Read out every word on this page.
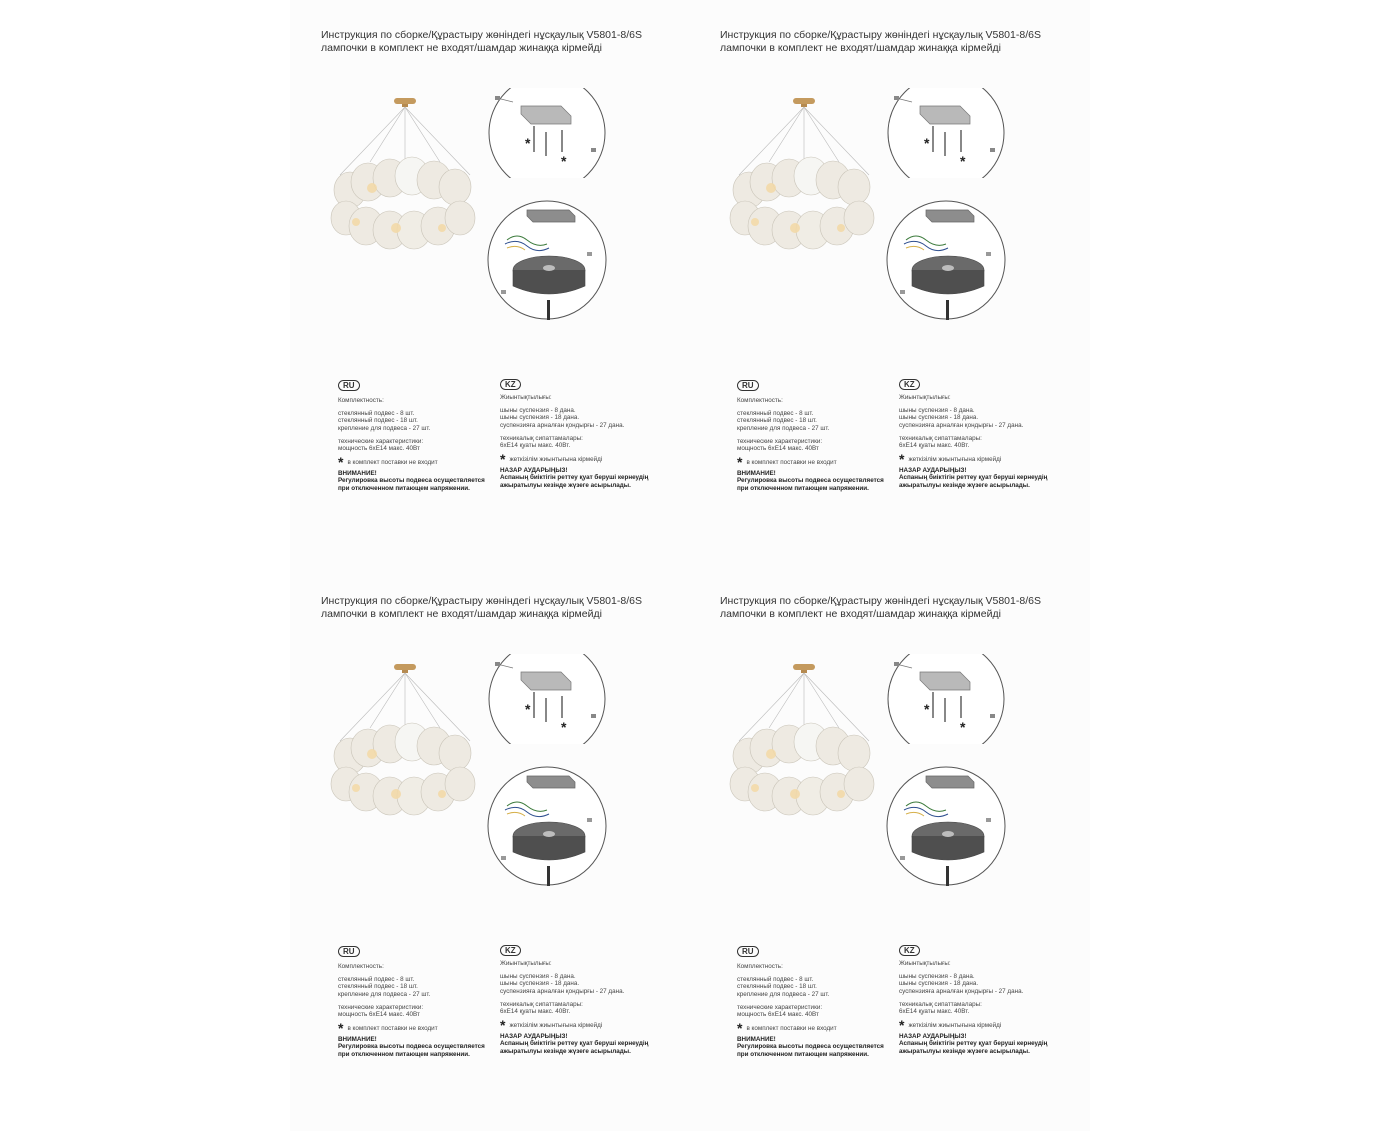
Инструкция по сборке/Құрастыру жөніндегі нұсқаулық V5801-8/6S
лампочки в комплект не входят/шамдар жинаққа кірмейді
*
*
RU
Комплектность:
стеклянный подвес - 8 шт.
стеклянный подвес - 18 шт.
крепление для подвеса - 27 шт.
технические характеристики:
мощность 6хЕ14 макс. 40Вт
* в комплект поставки не входит
ВНИМАНИЕ!
Регулировка высоты подвеса осуществляется
при отключенном питающем напряжении.
KZ
Жиынтықтылығы:
шыны суспензия - 8 дана.
шыны суспензия - 18 дана.
суспензияға арналған қондырғы - 27 дана.
техникалық сипаттамалары:
6хЕ14 қуаты макс. 40Вт.
* жеткізілім жиынтығына кірмейді
НАЗАР АУДАРЫҢЫЗ!
Аспаның биіктігін реттеу қуат беруші кернеудің
ажыратылуы кезінде жүзеге асырылады.
Инструкция по сборке/Құрастыру жөніндегі нұсқаулық V5801-8/6S
лампочки в комплект не входят/шамдар жинаққа кірмейді
*
*
RU
Комплектность:
стеклянный подвес - 8 шт.
стеклянный подвес - 18 шт.
крепление для подвеса - 27 шт.
технические характеристики:
мощность 6хЕ14 макс. 40Вт
* в комплект поставки не входит
ВНИМАНИЕ!
Регулировка высоты подвеса осуществляется
при отключенном питающем напряжении.
KZ
Жиынтықтылығы:
шыны суспензия - 8 дана.
шыны суспензия - 18 дана.
суспензияға арналған қондырғы - 27 дана.
техникалық сипаттамалары:
6хЕ14 қуаты макс. 40Вт.
* жеткізілім жиынтығына кірмейді
НАЗАР АУДАРЫҢЫЗ!
Аспаның биіктігін реттеу қуат беруші кернеудің
ажыратылуы кезінде жүзеге асырылады.
Инструкция по сборке/Құрастыру жөніндегі нұсқаулық V5801-8/6S
лампочки в комплект не входят/шамдар жинаққа кірмейді
*
*
RU
Комплектность:
стеклянный подвес - 8 шт.
стеклянный подвес - 18 шт.
крепление для подвеса - 27 шт.
технические характеристики:
мощность 6хЕ14 макс. 40Вт
* в комплект поставки не входит
ВНИМАНИЕ!
Регулировка высоты подвеса осуществляется
при отключенном питающем напряжении.
KZ
Жиынтықтылығы:
шыны суспензия - 8 дана.
шыны суспензия - 18 дана.
суспензияға арналған қондырғы - 27 дана.
техникалық сипаттамалары:
6хЕ14 қуаты макс. 40Вт.
* жеткізілім жиынтығына кірмейді
НАЗАР АУДАРЫҢЫЗ!
Аспаның биіктігін реттеу қуат беруші кернеудің
ажыратылуы кезінде жүзеге асырылады.
Инструкция по сборке/Құрастыру жөніндегі нұсқаулық V5801-8/6S
лампочки в комплект не входят/шамдар жинаққа кірмейді
*
*
RU
Комплектность:
стеклянный подвес - 8 шт.
стеклянный подвес - 18 шт.
крепление для подвеса - 27 шт.
технические характеристики:
мощность 6хЕ14 макс. 40Вт
* в комплект поставки не входит
ВНИМАНИЕ!
Регулировка высоты подвеса осуществляется
при отключенном питающем напряжении.
KZ
Жиынтықтылығы:
шыны суспензия - 8 дана.
шыны суспензия - 18 дана.
суспензияға арналған қондырғы - 27 дана.
техникалық сипаттамалары:
6хЕ14 қуаты макс. 40Вт.
* жеткізілім жиынтығына кірмейді
НАЗАР АУДАРЫҢЫЗ!
Аспаның биіктігін реттеу қуат беруші кернеудің
ажыратылуы кезінде жүзеге асырылады.
